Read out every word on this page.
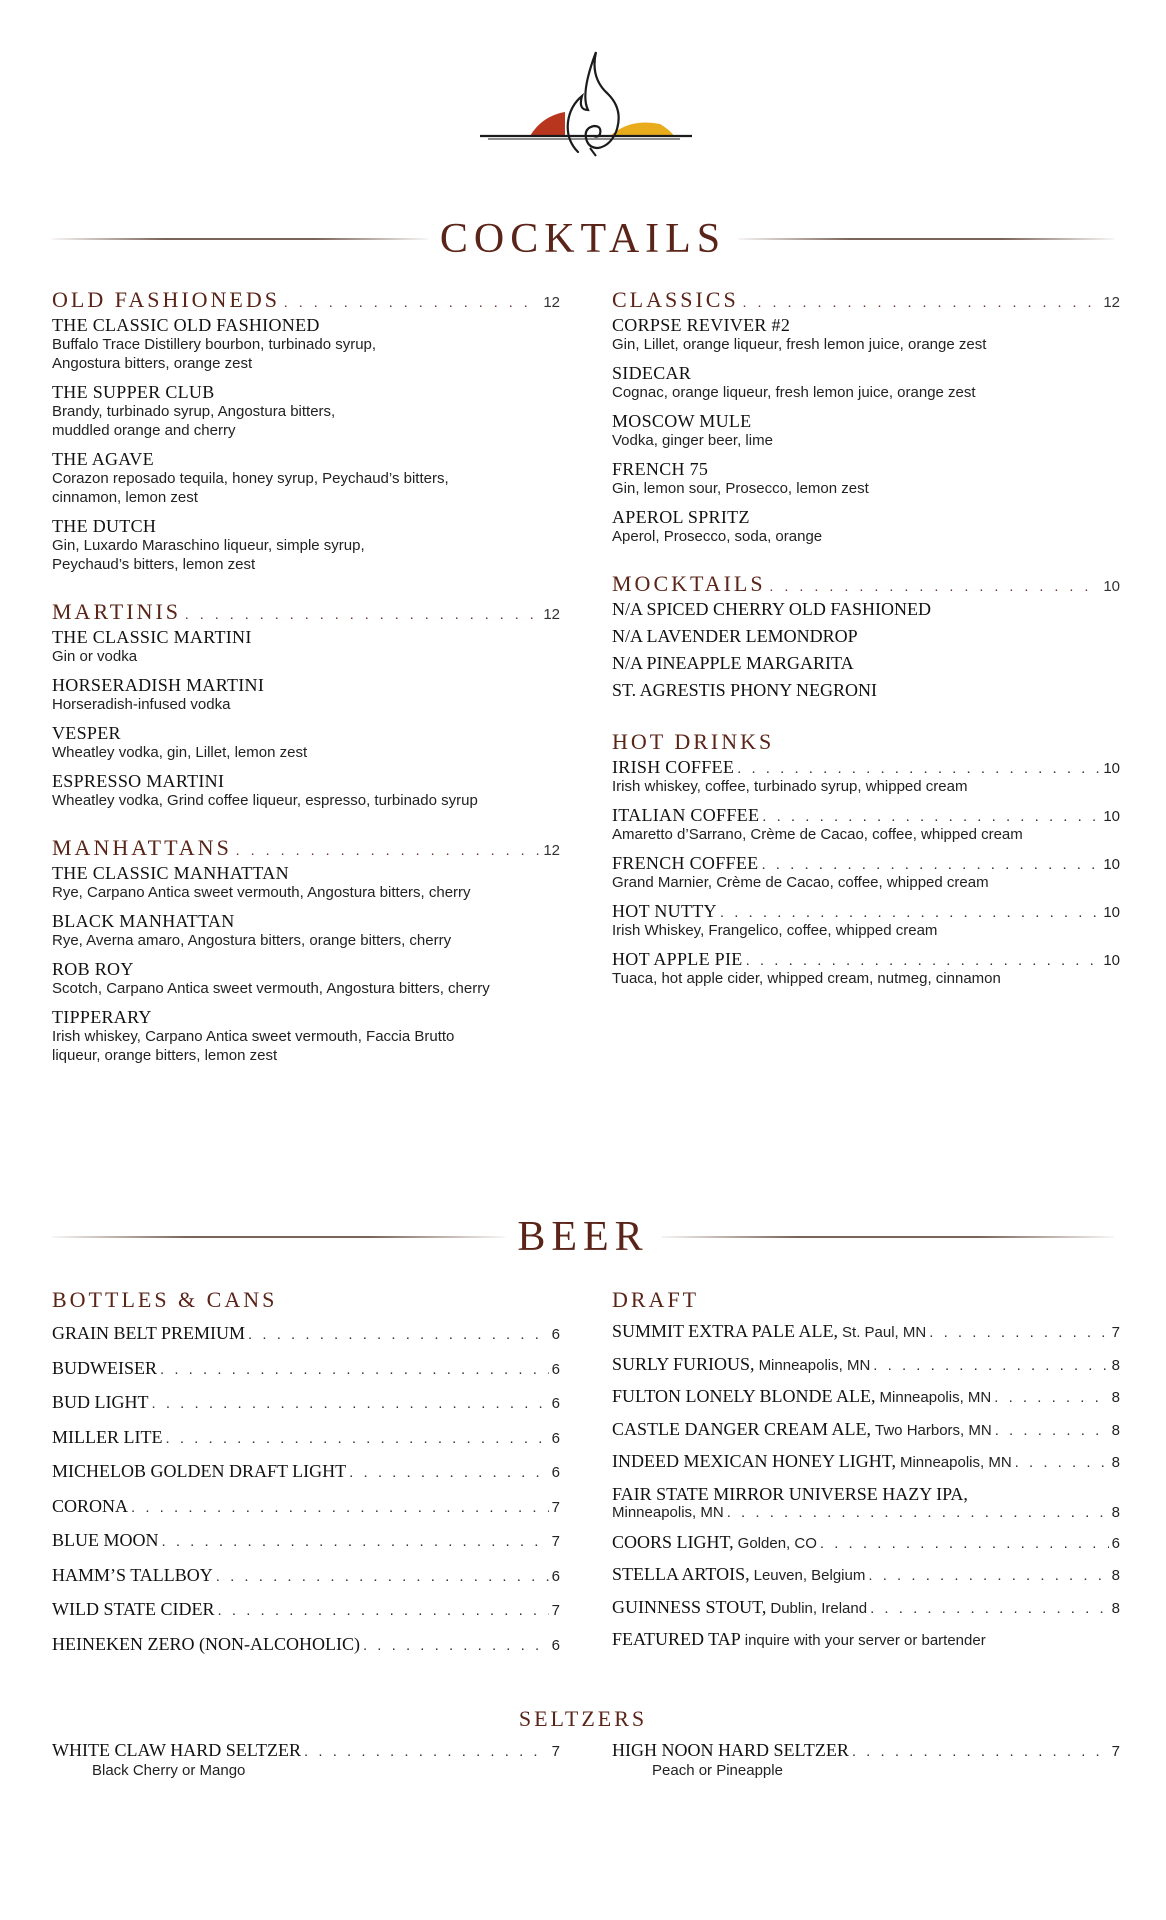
COCKTAILS
OLD FASHIONEDS . . .	12
THE CLASSIC OLD FASHIONED
Buffalo Trace Distillery bourbon, turbinado syrup,
Angostura bitters, orange zest
THE SUPPER CLUB
Brandy, turbinado syrup, Angostura bitters,
muddled orange and cherry
THE AGAVE
Corazon reposado tequila, honey syrup, Peychaud’s bitters,
cinnamon, lemon zest
THE DUTCH
Gin, Luxardo Maraschino liqueur, simple syrup,
Peychaud’s bitters, lemon zest
MARTINIS . . .	12
THE CLASSIC MARTINI
Gin or vodka
HORSERADISH MARTINI
Horseradish-infused vodka
VESPER
Wheatley vodka, gin, Lillet, lemon zest
ESPRESSO MARTINI
Wheatley vodka, Grind coffee liqueur, espresso, turbinado syrup
MANHATTANS . . .	12
THE CLASSIC MANHATTAN
Rye, Carpano Antica sweet vermouth, Angostura bitters, cherry
BLACK MANHATTAN
Rye, Averna amaro, Angostura bitters, orange bitters, cherry
ROB ROY
Scotch, Carpano Antica sweet vermouth, Angostura bitters, cherry
TIPPERARY
Irish whiskey, Carpano Antica sweet vermouth, Faccia Brutto
liqueur, orange bitters, lemon zest
CLASSICS . . .	12
CORPSE REVIVER #2
Gin, Lillet, orange liqueur, fresh lemon juice, orange zest
SIDECAR
Cognac, orange liqueur, fresh lemon juice, orange zest
MOSCOW MULE
Vodka, ginger beer, lime
FRENCH 75
Gin, lemon sour, Prosecco, lemon zest
APEROL SPRITZ
Aperol, Prosecco, soda, orange
MOCKTAILS . . .	10
N/A SPICED CHERRY OLD FASHIONED
N/A LAVENDER LEMONDROP
N/A PINEAPPLE MARGARITA
ST. AGRESTIS PHONY NEGRONI
HOT DRINKS
IRISH COFFEE . . .	10
Irish whiskey, coffee, turbinado syrup, whipped cream
ITALIAN COFFEE . . .	10
Amaretto d’Sarrano, Crème de Cacao, coffee, whipped cream
FRENCH COFFEE . . .	10
Grand Marnier, Crème de Cacao, coffee, whipped cream
HOT NUTTY . . .	10
Irish Whiskey, Frangelico, coffee, whipped cream
HOT APPLE PIE . . .	10
Tuaca, hot apple cider, whipped cream, nutmeg, cinnamon
BEER
BOTTLES & CANS
GRAIN BELT PREMIUM . . .	6
BUDWEISER . . .	6
BUD LIGHT . . .	6
MILLER LITE . . .	6
MICHELOB GOLDEN DRAFT LIGHT . . .	6
CORONA . . .	7
BLUE MOON . . .	7
HAMM’S TALLBOY . . .	6
WILD STATE CIDER . . .	7
HEINEKEN ZERO (NON-ALCOHOLIC) . . .	6
DRAFT
SUMMIT EXTRA PALE ALE, St. Paul, MN . . .	7
SURLY FURIOUS, Minneapolis, MN . . .	8
FULTON LONELY BLONDE ALE, Minneapolis, MN . . .	8
CASTLE DANGER CREAM ALE, Two Harbors, MN . . .	8
INDEED MEXICAN HONEY LIGHT, Minneapolis, MN . . .	8
FAIR STATE MIRROR UNIVERSE HAZY IPA,
Minneapolis, MN . . .	8
COORS LIGHT, Golden, CO . . .	6
STELLA ARTOIS, Leuven, Belgium . . .	8
GUINNESS STOUT, Dublin, Ireland . . .	8
FEATURED TAP inquire with your server or bartender
SELTZERS
WHITE CLAW HARD SELTZER . . .	7
Black Cherry or Mango
HIGH NOON HARD SELTZER . . .	7
Peach or Pineapple
